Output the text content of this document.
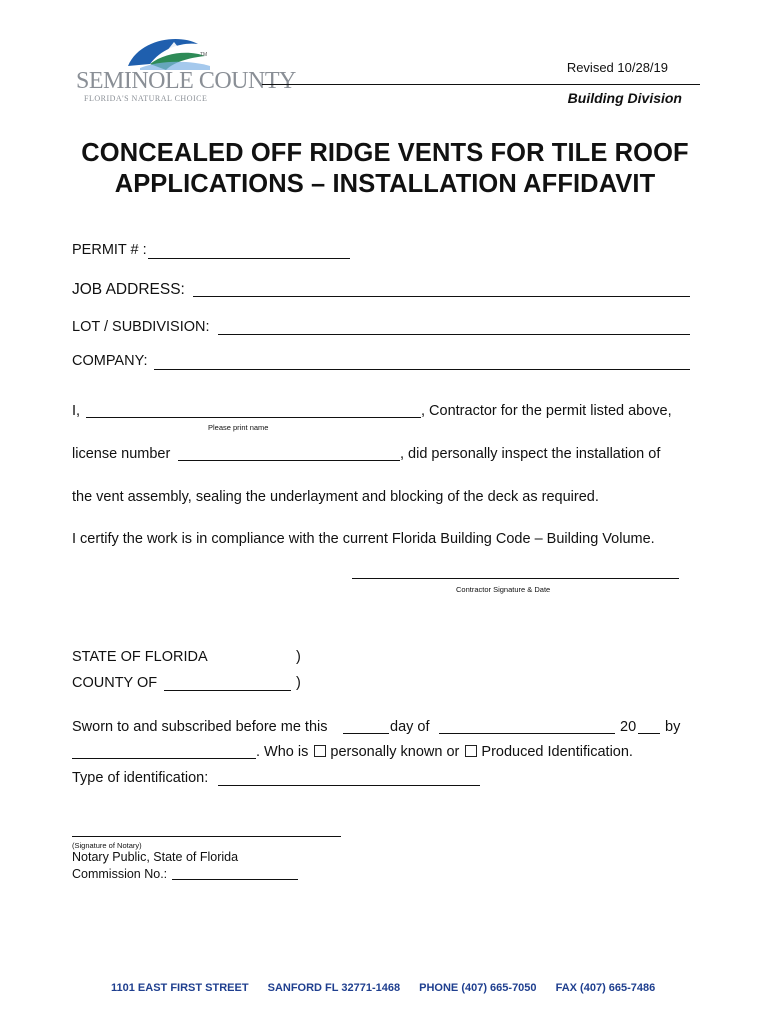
TM
SEMINOLE COUNTY
FLORIDA'S NATURAL CHOICE
Revised 10/28/19
Building Division
CONCEALED OFF RIDGE VENTS FOR TILE ROOF
APPLICATIONS – INSTALLATION AFFIDAVIT
PERMIT # :
JOB ADDRESS:
LOT / SUBDIVISION:
COMPANY:
I,	, Contractor for the permit listed above,
Please print name
license number	, did personally inspect the installation of
the vent assembly, sealing the underlayment and blocking of the deck as required.
I certify the work is in compliance with the current Florida Building Code – Building Volume.
Contractor Signature & Date
STATE OF FLORIDA	)
COUNTY OF	)
Sworn to and subscribed before me this	day of	20 by
. Who is personally known or Produced Identification.
Type of identification:
(Signature of Notary)
Notary Public, State of Florida
Commission No.:
1101 EAST FIRST STREET SANFORD FL 32771-1468 PHONE (407) 665-7050 FAX (407) 665-7486
